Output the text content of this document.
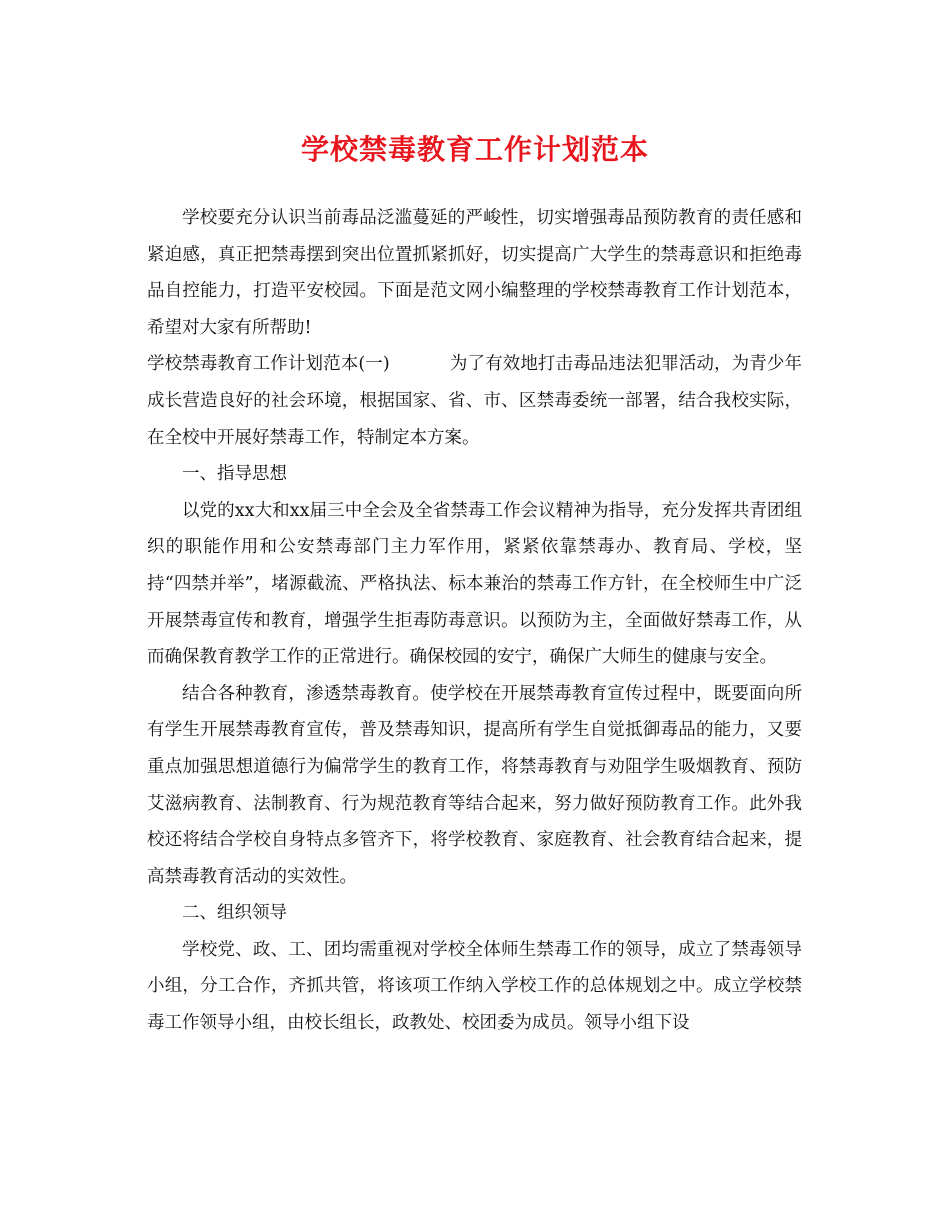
学校禁毒教育工作计划范本

学校要充分认识当前毒品泛滥蔓延的严峻性，切实增强毒品预防教育的责任感和紧迫感，真正把禁毒摆到突出位置抓紧抓好，切实提高广大学生的禁毒意识和拒绝毒品自控能力，打造平安校园。下面是范文网小编整理的学校禁毒教育工作计划范本，希望对大家有所帮助!

学校禁毒教育工作计划范本(一)	为了有效地打击毒品违法犯罪活动，为青少年成长营造良好的社会环境，根据国家、省、市、区禁毒委统一部署，结合我校实际，在全校中开展好禁毒工作，特制定本方案。

一、指导思想

以党的xx大和xx届三中全会及全省禁毒工作会议精神为指导，充分发挥共青团组织的职能作用和公安禁毒部门主力军作用，紧紧依靠禁毒办、教育局、学校，坚持“四禁并举”，堵源截流、严格执法、标本兼治的禁毒工作方针，在全校师生中广泛开展禁毒宣传和教育，增强学生拒毒防毒意识。以预防为主，全面做好禁毒工作，从而确保教育教学工作的正常进行。确保校园的安宁，确保广大师生的健康与安全。

结合各种教育，渗透禁毒教育。使学校在开展禁毒教育宣传过程中，既要面向所有学生开展禁毒教育宣传，普及禁毒知识，提高所有学生自觉抵御毒品的能力，又要重点加强思想道德行为偏常学生的教育工作，将禁毒教育与劝阻学生吸烟教育、预防艾滋病教育、法制教育、行为规范教育等结合起来，努力做好预防教育工作。此外我校还将结合学校自身特点多管齐下，将学校教育、家庭教育、社会教育结合起来，提高禁毒教育活动的实效性。

二、组织领导

学校党、政、工、团均需重视对学校全体师生禁毒工作的领导，成立了禁毒领导小组，分工合作，齐抓共管，将该项工作纳入学校工作的总体规划之中。成立学校禁毒工作领导小组，由校长组长，政教处、校团委为成员。领导小组下设
